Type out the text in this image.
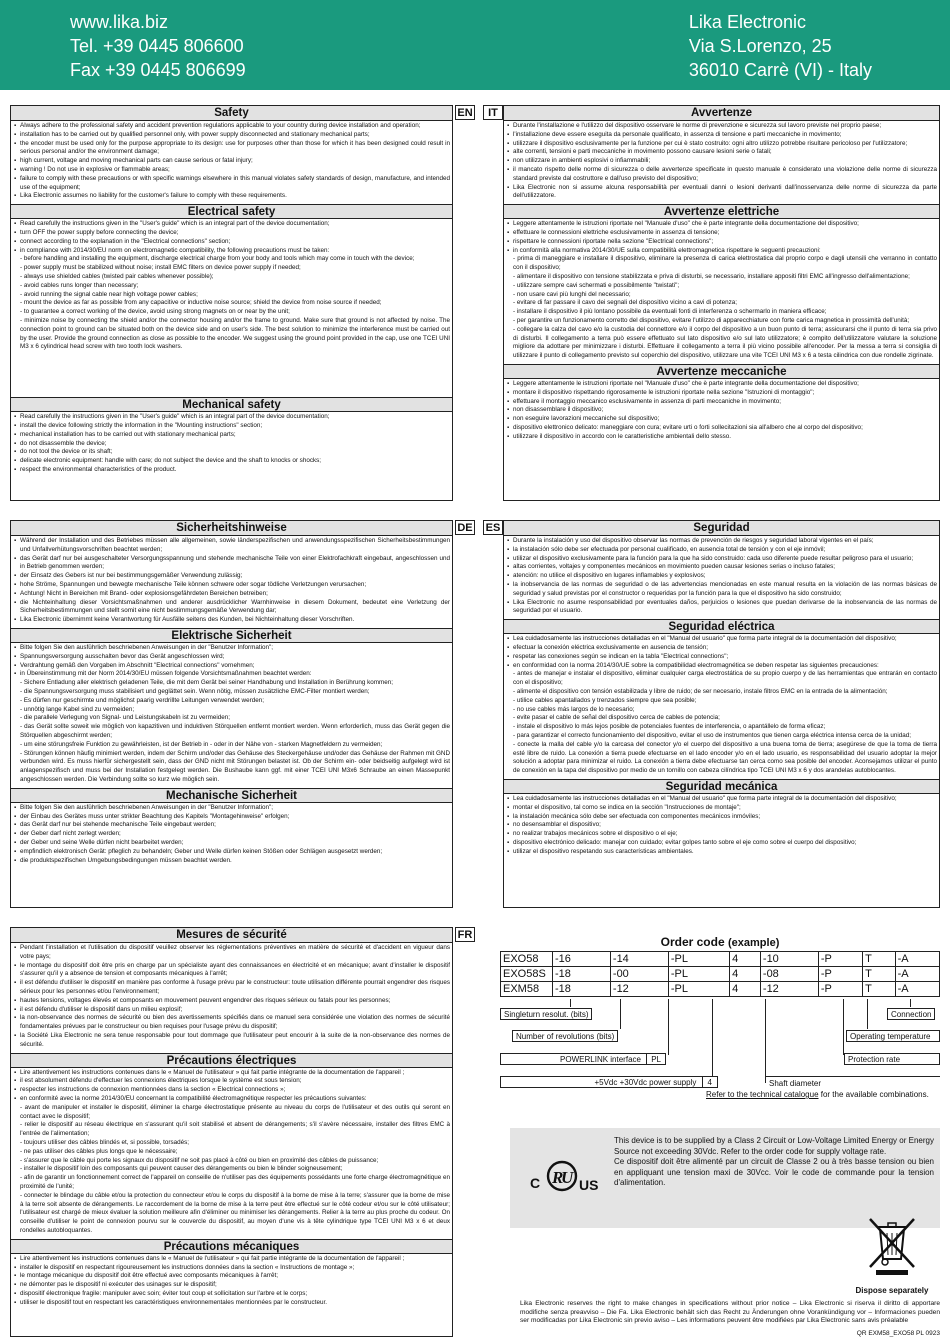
www.lika.biz
Tel. +39 0445 806600
Fax +39 0445 806699
Lika Electronic
Via S.Lorenzo, 25
36010 Carrè (VI) - Italy
Safety
▪ Always adhere to the professional safety and accident prevention regulations applicable to your country during device installation and operation;
▪ installation has to be carried out by qualified personnel only, with power supply disconnected and stationary mechanical parts;
▪ the encoder must be used only for the purpose appropriate to its design: use for purposes other than those for which it has been designed could result in serious personal and/or the environment damage;
▪ high current, voltage and moving mechanical parts can cause serious or fatal injury;
▪ warning ! Do not use in explosive or flammable areas;
▪ failure to comply with these precautions or with specific warnings elsewhere in this manual violates safety standards of design, manufacture, and intended use of the equipment;
▪ Lika Electronic assumes no liability for the customer's failure to comply with these requirements.
Electrical safety
▪ Read carefully the instructions given in the "User's guide" which is an integral part of the device documentation;
▪ turn OFF the power supply before connecting the device;
▪ connect according to the explanation in the "Electrical connections" section;
▪ in compliance with 2014/30/EU norm on electromagnetic compatibility, the following precautions must be taken:
- before handling and installing the equipment, discharge electrical charge from your body and tools which may come in touch with the device;
- power supply must be stabilized without noise; install EMC filters on device power supply if needed;
- always use shielded cables (twisted pair cables whenever possible);
- avoid cables runs longer than necessary;
- avoid running the signal cable near high voltage power cables;
- mount the device as far as possible from any capacitive or inductive noise source; shield the device from noise source if needed;
- to guarantee a correct working of the device, avoid using strong magnets on or near by the unit;
- minimize noise by connecting the shield and/or the connector housing and/or the frame to ground. Make sure that ground is not affected by noise. The connection point to ground can be situated both on the device side and on user's side. The best solution to minimize the interference must be carried out by the user. Provide the ground connection as close as possible to the encoder. We suggest using the ground point provided in the cap, use one TCEI UNI M3 x 6 cylindrical head screw with two tooth lock washers.
Mechanical safety
▪ Read carefully the instructions given in the "User's guide" which is an integral part of the device documentation;
▪ install the device following strictly the information in the "Mounting instructions" section;
▪ mechanical installation has to be carried out with stationary mechanical parts;
▪ do not disassemble the device;
▪ do not tool the device or its shaft;
▪ delicate electronic equipment: handle with care; do not subject the device and the shaft to knocks or shocks;
▪ respect the environmental characteristics of the product.
EN	Avvertenze
▪ Durante l'installazione e l'utilizzo del dispositivo osservare le norme di prevenzione e sicurezza sul lavoro previste nel proprio paese;
▪ l'installazione deve essere eseguita da personale qualificato, in assenza di tensione e parti meccaniche in movimento;
▪ utilizzare il dispositivo esclusivamente per la funzione per cui è stato costruito: ogni altro utilizzo potrebbe risultare pericoloso per l'utilizzatore;
▪ alte correnti, tensioni e parti meccaniche in movimento possono causare lesioni serie o fatali;
▪ non utilizzare in ambienti esplosivi o infiammabili;
▪ il mancato rispetto delle norme di sicurezza o delle avvertenze specificate in questo manuale è considerato una violazione delle norme di sicurezza standard previste dal costruttore e dall'uso previsto del dispositivo;
▪ Lika Electronic non si assume alcuna responsabilità per eventuali danni o lesioni derivanti dall'inosservanza delle norme di sicurezza da parte dell'utilizzatore.
Avvertenze elettriche
▪ Leggere attentamente le istruzioni riportate nel "Manuale d'uso" che è parte integrante della documentazione del dispositivo;
▪ effettuare le connessioni elettriche esclusivamente in assenza di tensione;
▪ rispettare le connessioni riportate nella sezione "Electrical connections";
▪ in conformità alla normativa 2014/30/UE sulla compatibilità elettromagnetica rispettare le seguenti precauzioni:
- prima di maneggiare e installare il dispositivo, eliminare la presenza di carica elettrostatica dal proprio corpo e dagli utensili che verranno in contatto con il dispositivo;
- alimentare il dispositivo con tensione stabilizzata e priva di disturbi, se necessario, installare appositi filtri EMC all'ingresso dell'alimentazione;
- utilizzare sempre cavi schermati e possibilmente "twistati";
- non usare cavi più lunghi del necessario;
- evitare di far passare il cavo dei segnali del dispositivo vicino a cavi di potenza;
- installare il dispositivo il più lontano possibile da eventuali fonti di interferenza o schermarlo in maniera efficace;
- per garantire un funzionamento corretto del dispositivo, evitare l'utilizzo di apparecchiature con forte carica magnetica in prossimità dell'unità;
- collegare la calza del cavo e/o la custodia del connettore e/o il corpo del dispositivo a un buon punto di terra; assicurarsi che il punto di terra sia privo di disturbi. Il collegamento a terra può essere effettuato sul lato dispositivo e/o sul lato utilizzatore; è compito dell'utilizzatore valutare la soluzione migliore da adottare per minimizzare i disturbi. Effettuare il collegamento a terra il più vicino possibile all'encoder. Per la messa a terra si consiglia di utilizzare il punto di collegamento previsto sul coperchio del dispositivo, utilizzare una vite TCEI UNI M3 x 6 a testa cilindrica con due rondelle zigrinate.
Avvertenze meccaniche
▪ Leggere attentamente le istruzioni riportate nel "Manuale d'uso" che è parte integrante della documentazione del dispositivo;
▪ montare il dispositivo rispettando rigorosamente le istruzioni riportate nella sezione "Istruzioni di montaggio";
▪ effettuare il montaggio meccanico esclusivamente in assenza di parti meccaniche in movimento;
▪ non disassemblare il dispositivo;
▪ non eseguire lavorazioni meccaniche sul dispositivo;
▪ dispositivo elettronico delicato: maneggiare con cura; evitare urti o forti sollecitazioni sia all'albero che al corpo del dispositivo;
▪ utilizzare il dispositivo in accordo con le caratteristiche ambientali dello stesso.
IT
Sicherheitshinweise
▪ Während der Installation und des Betriebes müssen alle allgemeinen, sowie länderspezifischen und anwendungsspezifischen Sicherheitsbestimmungen und Unfallverhütungsvorschriften beachtet werden;
▪ das Gerät darf nur bei ausgeschalteter Versorgungsspannung und stehende mechanische Teile von einer Elektrofachkraft eingebaut, angeschlossen und in Betrieb genommen werden;
▪ der Einsatz des Gebers ist nur bei bestimmungsgemäßer Verwendung zulässig;
▪ hohe Ströme, Spannungen und bewegte mechanische Teile können schwere oder sogar tödliche Verletzungen verursachen;
▪ Achtung! Nicht in Bereichen mit Brand- oder explosionsgefährdeten Bereichen betreiben;
▪ die Nichteinhaltung dieser Vorsichtsmaßnahmen und anderer ausdrücklicher Warnhinweise in diesem Dokument, bedeutet eine Verletzung der Sicherheitsbestimmungen und stellt somit eine nicht bestimmungsgemäße Verwendung dar;
▪ Lika Electronic übernimmt keine Verantwortung für Ausfälle seitens des Kunden, bei Nichteinhaltung dieser Vorschriften.
Elektrische Sicherheit
▪ Bitte folgen Sie den ausführlich beschriebenen Anweisungen in der "Benutzer Information";
▪ Spannungsversorgung ausschalten bevor das Gerät angeschlossen wird;
▪ Verdrahtung gemäß den Vorgaben im Abschnitt "Electrical connections" vornehmen;
▪ in Übereinstimmung mit der Norm 2014/30/EU müssen folgende Vorsichtsmaßnahmen beachtet werden:
- Sichere Entladung aller elektrisch geladenen Teile, die mit dem Gerät bei seiner Handhabung und Installation in Berührung kommen;
- die Spannungsversorgung muss stabilisiert und geglättet sein. Wenn nötig, müssen zusätzliche EMC-Filter montiert werden;
- Es dürfen nur geschirmte und möglichst paarig verdrillte Leitungen verwendet werden;
- unnötig lange Kabel sind zu vermeiden;
- die parallele Verlegung von Signal- und Leistungskabeln ist zu vermeiden;
- das Gerät sollte soweit wie möglich von kapazitiven und induktiven Störquellen entfernt montiert werden. Wenn erforderlich, muss das Gerät gegen die Störquellen abgeschirmt werden;
- um eine störungsfreie Funktion zu gewährleisten, ist der Betrieb in - oder in der Nähe von - starken Magnetfeldern zu vermeiden;
- Störungen können häufig minimiert werden, indem der Schirm und/oder das Gehäuse des Steckergehäuse und/oder das Gehäuse der Rahmen mit GND verbunden wird. Es muss hierfür sichergestellt sein, dass der GND nicht mit Störungen belastet ist. Ob der Schirm ein- oder beidseitig aufgelegt wird ist anlagenspezifisch und muss bei der Installation festgelegt werden. Die Bushaube kann ggf. mit einer TCEI UNI M3x6 Schraube an einen Massepunkt angeschlossen werden. Die Verbindung sollte so kurz wie möglich sein.
Mechanische Sicherheit
▪ Bitte folgen Sie den ausführlich beschriebenen Anweisungen in der "Benutzer Information";
▪ der Einbau des Gerätes muss unter strikter Beachtung des Kapitels "Montagehinweise" erfolgen;
▪ das Gerät darf nur bei stehende mechanische Teile eingebaut werden;
▪ der Geber darf nicht zerlegt werden;
▪ der Geber und seine Welle dürfen nicht bearbeitet werden;
▪ empfindlich elektronisch Gerät: pfleglich zu behandeln; Geber und Welle dürfen keinen Stößen oder Schlägen ausgesetzt werden;
▪ die produktspezifischen Umgebungsbedingungen müssen beachtet werden.
DE	Seguridad
▪ Durante la instalación y uso del dispositivo observar las normas de prevención de riesgos y seguridad laboral vigentes en el país;
▪ la instalación sólo debe ser efectuada por personal cualificado, en ausencia total de tensión y con el eje inmóvil;
▪ utilizar el dispositivo exclusivamente para la función para la que ha sido construido: cada uso diferente puede resultar peligroso para el usuario;
▪ altas corrientes, voltajes y componentes mecánicos en movimiento pueden causar lesiones serias o incluso fatales;
▪ atención: no utilice el dispositivo en lugares inflamables y explosivos;
▪ la inobservancia de las normas de seguridad o de las advertencias mencionadas en este manual resulta en la violación de las normas básicas de seguridad y salud previstas por el constructor o requeridas por la función para la que el dispositivo ha sido construido;
▪ Lika Electronic no asume responsabilidad por eventuales daños, perjuicios o lesiones que puedan derivarse de la inobservancia de las normas de seguridad por el usuario.
Seguridad eléctrica
▪ Lea cuidadosamente las instrucciones detalladas en el "Manual del usuario" que forma parte integral de la documentación del dispositivo;
▪ efectuar la conexión eléctrica exclusivamente en ausencia de tensión;
▪ respetar las conexiones según se indican en la tabla "Electrical connections";
▪ en conformidad con la norma 2014/30/UE sobre la compatibilidad electromagnética se deben respetar las siguientes precauciones:
- antes de manejar e instalar el dispositivo, eliminar cualquier carga electrostática de su propio cuerpo y de las herramientas que entrarán en contacto con el dispositivo;
- alimente el dispositivo con tensión estabilizada y libre de ruido; de ser necesario, instale filtros EMC en la entrada de la alimentación;
- utilice cables apantallados y trenzados siempre que sea posible;
- no use cables más largos de lo necesario;
- evite pasar el cable de señal del dispositivo cerca de cables de potencia;
- instale el dispositivo lo más lejos posible de potenciales fuentes de interferencia, o apantállelo de forma eficaz;
- para garantizar el correcto funcionamiento del dispositivo, evitar el uso de instrumentos que tienen carga eléctrica intensa cerca de la unidad;
- conecte la malla del cable y/o la carcasa del conector y/o el cuerpo del dispositivo a una buena toma de tierra; asegúrese de que la toma de tierra esté libre de ruido. La conexión a tierra puede efectuarse en el lado encoder y/o en el lado usuario, es responsabilidad del usuario adoptar la mejor solución a adoptar para minimizar el ruido. La conexión a tierra debe efectuarse tan cerca como sea posible del encoder. Aconsejamos utilizar el punto de conexión en la tapa del dispositivo por medio de un tornillo con cabeza cilíndrica tipo TCEI UNI M3 x 6 y dos arandelas autoblocantes.
Seguridad mecánica
▪ Lea cuidadosamente las instrucciones detalladas en el "Manual del usuario" que forma parte integral de la documentación del dispositivo;
▪ montar el dispositivo, tal como se indica en la sección "Instrucciones de montaje";
▪ la instalación mecánica sólo debe ser efectuada con componentes mecánicos inmóviles;
▪ no desensamblar el dispositivo;
▪ no realizar trabajos mecánicos sobre el dispositivo o el eje;
▪ dispositivo electrónico delicado: manejar con cuidado; evitar golpes tanto sobre el eje como sobre el cuerpo del dispositivo;
▪ utilizar el dispositivo respetando sus características ambientales.
ES
Mesures de sécurité
▪ Pendant l'installation et l'utilisation du dispositif veuillez observer les réglementations préventives en matière de sécurité et d'accident en vigueur dans votre pays;
▪ le montage du dispositif doit être pris en charge par un spécialiste ayant des connaissances en électricité et en mécanique; avant d'installer le dispositif s'assurer qu'il y a absence de tension et composants mécaniques à l'arrêt;
▪ il est défendu d'utiliser le dispositif en manière pas conforme à l'usage prévu par le constructeur: toute utilisation différente pourrait engendrer des risques sérieux pour les personnes et/ou l'environnement;
▪ hautes tensions, voltages élevés et composants en mouvement peuvent engendrer des risques sérieux ou fatals pour les personnes;
▪ il est défendu d'utiliser le dispositif dans un milieu explosif;
▪ la non-observance des normes de sécurité ou bien des avertissements spécifiés dans ce manuel sera considérée une violation des normes de sécurité fondamentales prévues par le constructeur ou bien requises pour l'usage prévu du dispositif;
▪ la Société Lika Electronic ne sera tenue responsable pour tout dommage que l'utilisateur peut encourir à la suite de la non-observance des normes de sécurité.
Précautions électriques
▪ Lire attentivement les instructions contenues dans le « Manuel de l'utilisateur » qui fait partie intégrante de la documentation de l'appareil ;
▪ il est absolument défendu d'effectuer les connexions électriques lorsque le système est sous tension;
▪ respecter les instructions de connexion mentionnées dans la section « Electrical connections »;
▪ en conformité avec la norme 2014/30/EU concernant la compatibilité électromagnétique respecter les précautions suivantes:
- avant de manipuler et installer le dispositif, éliminer la charge électrostatique présente au niveau du corps de l'utilisateur et des outils qui seront en contact avec le dispositif;
- relier le dispositif au réseau électrique en s'assurant qu'il soit stabilisé et absent de dérangements; s'il s'avère nécessaire, installer des filtres EMC à l'entrée de l'alimentation;
- toujours utiliser des câbles blindés et, si possible, torsadés;
- ne pas utiliser des câbles plus longs que le nécessaire;
- s'assurer que le câble qui porte les signaux du dispositif ne soit pas placé à côté ou bien en proximité des câbles de puissance;
- installer le dispositif loin des composants qui peuvent causer des dérangements ou bien le blinder soigneusement;
- afin de garantir un fonctionnement correct de l'appareil on conseille de n'utiliser pas des équipements possédants une forte charge électromagnétique en proximité de l'unité;
- connecter le blindage du câble et/ou la protection du connecteur et/ou le corps du dispositif à la borne de mise à la terre; s'assurer que la borne de mise à la terre soit absente de dérangements. Le raccordement de la borne de mise à la terre peut être effectué sur le côté codeur et/ou sur le côté utilisateur; l'utilisateur est chargé de mieux évaluer la solution meilleure afin d'éliminer ou minimiser les dérangements. Relier à la terre au plus proche du codeur. On conseille d'utiliser le point de connexion pourvu sur le couvercle du dispositif, au moyen d'une vis à tête cylindrique type TCEI UNI M3 x 6 et deux rondelles autobloquantes.
Précautions mécaniques
▪ Lire attentivement les instructions contenues dans le « Manuel de l'utilisateur » qui fait partie intégrante de la documentation de l'appareil ;
▪ installer le dispositif en respectant rigoureusement les instructions données dans la section « Instructions de montage »;
▪ le montage mécanique du dispositif doit être effectué avec composants mécaniques à l'arrêt;
▪ ne démonter pas le dispositif ni exécuter des usinages sur le dispositif;
▪ dispositif électronique fragile: manipuler avec soin; éviter tout coup et sollicitation sur l'arbre et le corps;
▪ utiliser le dispositif tout en respectant les caractéristiques environnementales mentionnées par le constructeur.
FR	Order code (example)
EXO58	-16	-14	-PL	4	-10	-P	T	-A
EXO58S	-18	-00	-PL	4	-08	-P	T	-A
EXM58	-18	-12	-PL	4	-12	-P	T	-A
Singleturn resolut. (bits)
Number of revolutions (bits)
POWERLINK interface PL
+5Vdc +30Vdc power supply 4	Shaft diameter
Protection rate
Operating temperature
Connection
Refer to the technical catalogue for the available combinations.
C R
U US
This device is to be supplied by a Class 2 Circuit or Low-Voltage Limited Energy or Energy Source not exceeding 30Vdc. Refer to the order code for supply voltage rate.
Ce dispositif doit être alimenté par un circuit de Classe 2 ou à très basse tension ou bien en appliquant une tension maxi de 30Vcc. Voir le code de commande pour la tension d'alimentation.
Dispose separately
Lika Electronic reserves the right to make changes in specifications without prior notice – Lika Electronic si riserva il diritto di apportare modifiche senza preavviso – Die Fa. Lika Electronic behält sich das Recht zu Änderungen ohne Vorankündigung vor – Informaciones pueden ser modificadas por Lika Electronic sin previo aviso – Les informations peuvent être modifiées par Lika Electronic sans avis préalable
QR EXM58_EXO58 PL 0923
